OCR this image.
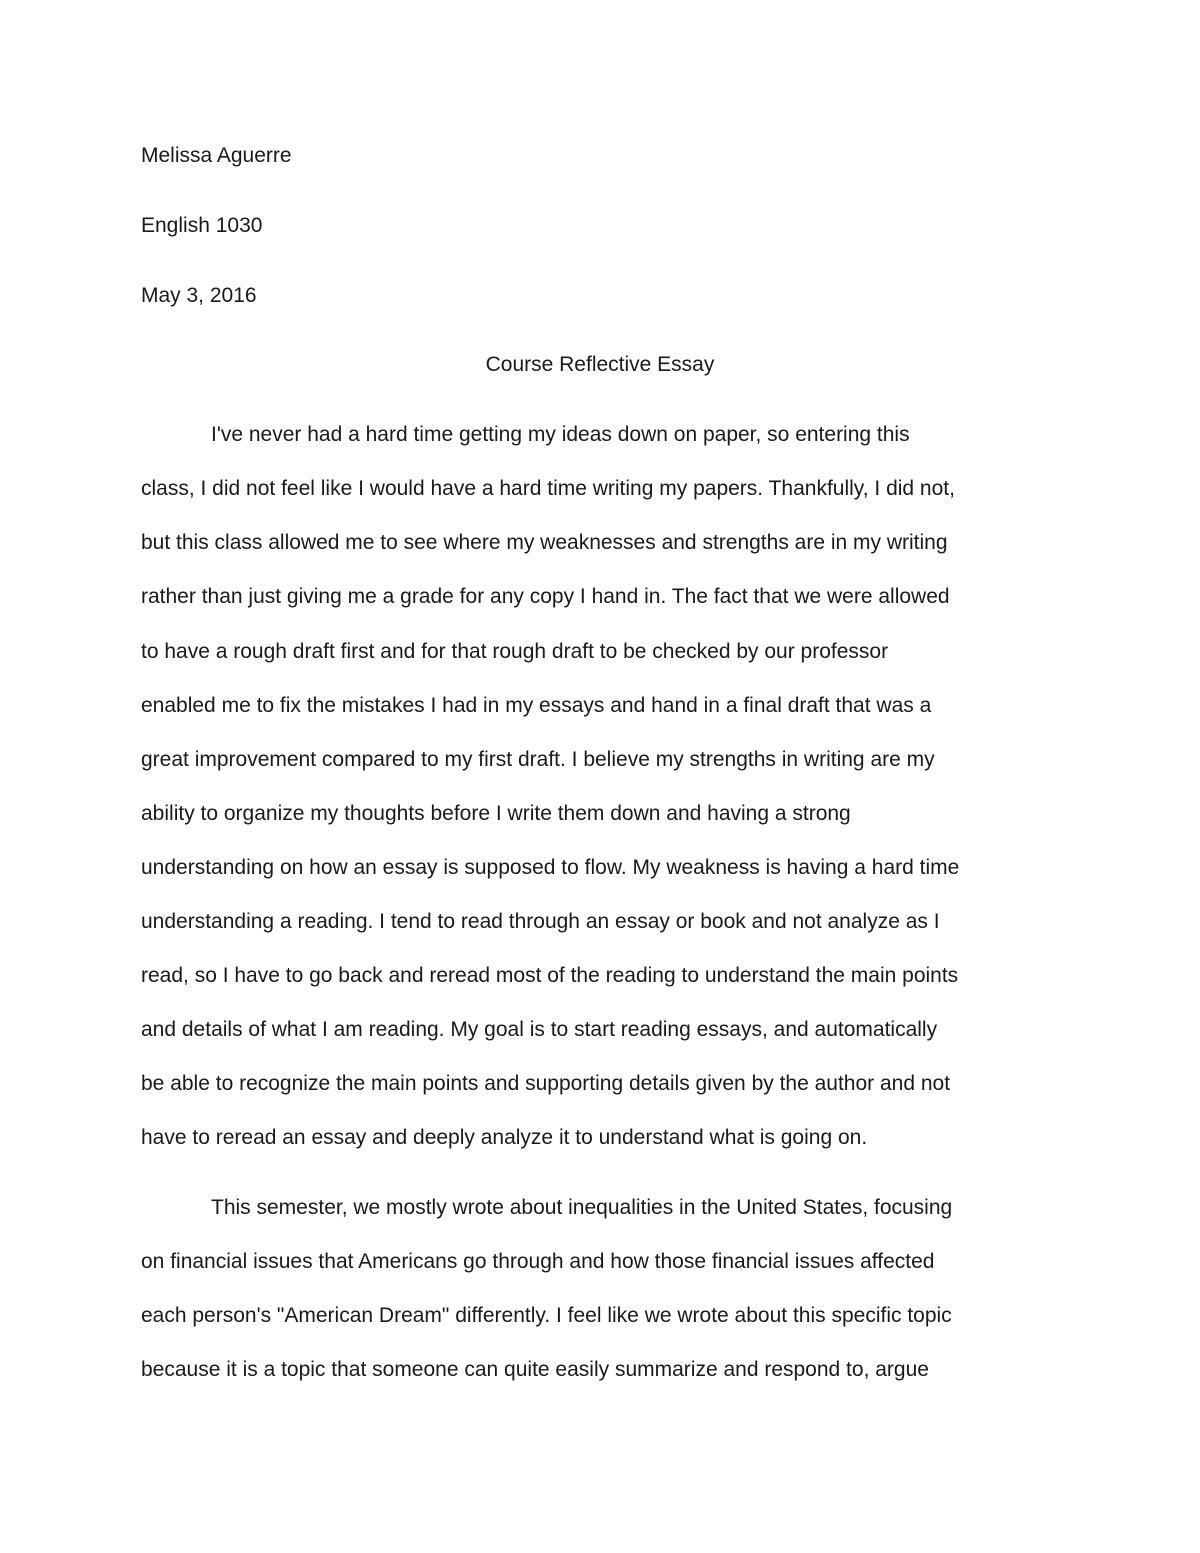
Melissa Aguerre
English 1030
May 3, 2016
Course Reflective Essay
I've never had a hard time getting my ideas down on paper, so entering this
class, I did not feel like I would have a hard time writing my papers. Thankfully, I did not,
but this class allowed me to see where my weaknesses and strengths are in my writing
rather than just giving me a grade for any copy I hand in. The fact that we were allowed
to have a rough draft first and for that rough draft to be checked by our professor
enabled me to fix the mistakes I had in my essays and hand in a final draft that was a
great improvement compared to my first draft. I believe my strengths in writing are my
ability to organize my thoughts before I write them down and having a strong
understanding on how an essay is supposed to flow. My weakness is having a hard time
understanding a reading. I tend to read through an essay or book and not analyze as I
read, so I have to go back and reread most of the reading to understand the main points
and details of what I am reading. My goal is to start reading essays, and automatically
be able to recognize the main points and supporting details given by the author and not
have to reread an essay and deeply analyze it to understand what is going on.
This semester, we mostly wrote about inequalities in the United States, focusing
on financial issues that Americans go through and how those financial issues affected
each person's "American Dream" differently. I feel like we wrote about this specific topic
because it is a topic that someone can quite easily summarize and respond to, argue
